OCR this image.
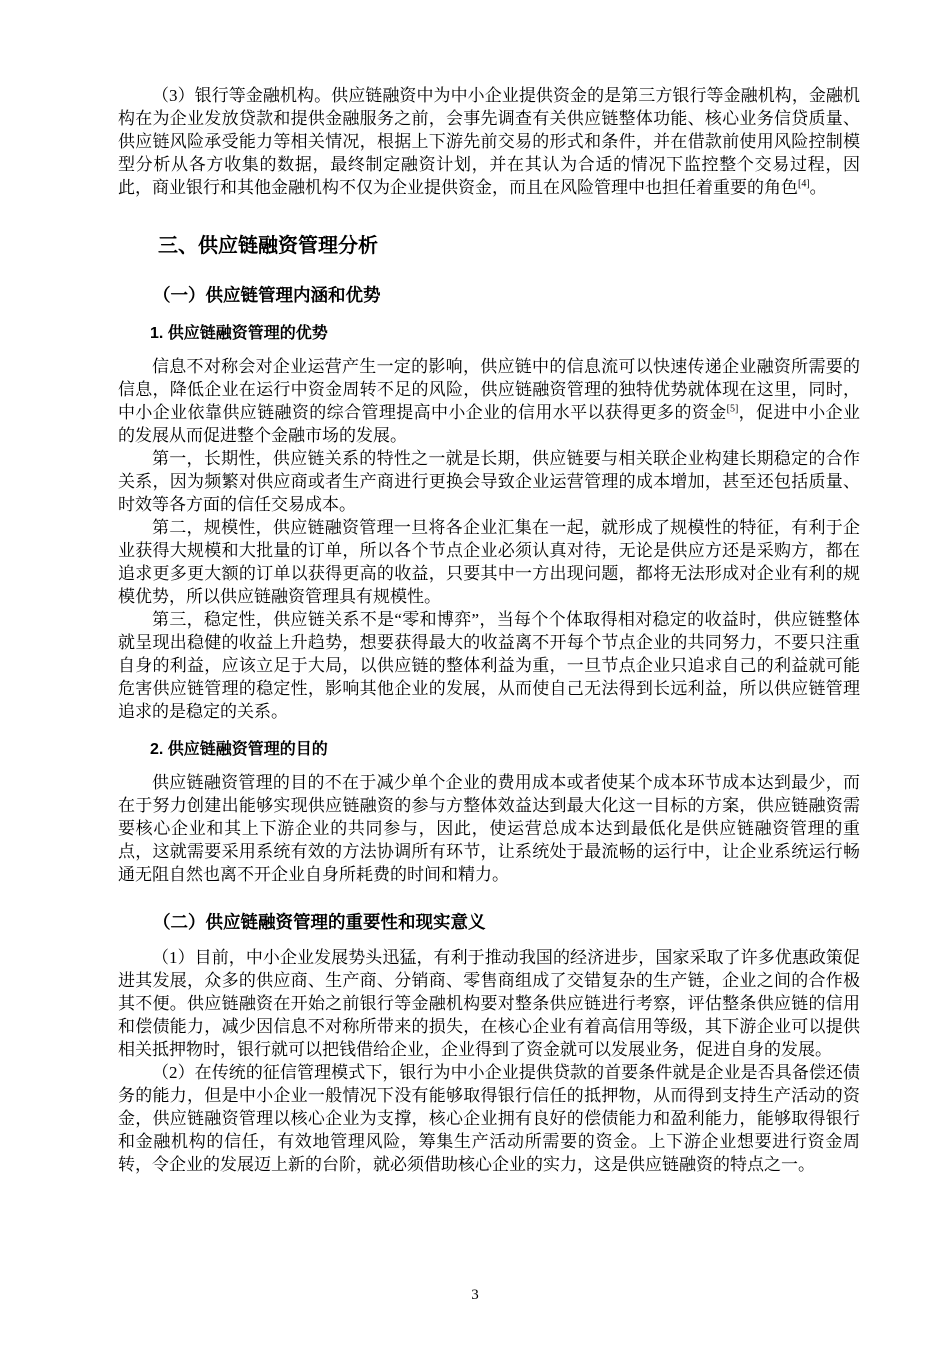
（3）银行等金融机构。供应链融资中为中小企业提供资金的是第三方银行等金融机构，金融机构在为企业发放贷款和提供金融服务之前，会事先调查有关供应链整体功能、核心业务信贷质量、供应链风险承受能力等相关情况，根据上下游先前交易的形式和条件，并在借款前使用风险控制模型分析从各方收集的数据，最终制定融资计划，并在其认为合适的情况下监控整个交易过程，因此，商业银行和其他金融机构不仅为企业提供资金，而且在风险管理中也担任着重要的角色[4]。

三、供应链融资管理分析
（一）供应链管理内涵和优势
1. 供应链融资管理的优势

信息不对称会对企业运营产生一定的影响，供应链中的信息流可以快速传递企业融资所需要的信息，降低企业在运行中资金周转不足的风险，供应链融资管理的独特优势就体现在这里，同时，中小企业依靠供应链融资的综合管理提高中小企业的信用水平以获得更多的资金[5]，促进中小企业的发展从而促进整个金融市场的发展。

第一，长期性，供应链关系的特性之一就是长期，供应链要与相关联企业构建长期稳定的合作关系，因为频繁对供应商或者生产商进行更换会导致企业运营管理的成本增加，甚至还包括质量、时效等各方面的信任交易成本。

第二，规模性，供应链融资管理一旦将各企业汇集在一起，就形成了规模性的特征，有利于企业获得大规模和大批量的订单，所以各个节点企业必须认真对待，无论是供应方还是采购方，都在追求更多更大额的订单以获得更高的收益，只要其中一方出现问题，都将无法形成对企业有利的规模优势，所以供应链融资管理具有规模性。

第三，稳定性，供应链关系不是“零和博弈”，当每个个体取得相对稳定的收益时，供应链整体就呈现出稳健的收益上升趋势，想要获得最大的收益离不开每个节点企业的共同努力，不要只注重自身的利益，应该立足于大局，以供应链的整体利益为重，一旦节点企业只追求自己的利益就可能危害供应链管理的稳定性，影响其他企业的发展，从而使自己无法得到长远利益，所以供应链管理追求的是稳定的关系。

2. 供应链融资管理的目的

供应链融资管理的目的不在于减少单个企业的费用成本或者使某个成本环节成本达到最少，而在于努力创建出能够实现供应链融资的参与方整体效益达到最大化这一目标的方案，供应链融资需要核心企业和其上下游企业的共同参与，因此，使运营总成本达到最低化是供应链融资管理的重点，这就需要采用系统有效的方法协调所有环节，让系统处于最流畅的运行中，让企业系统运行畅通无阻自然也离不开企业自身所耗费的时间和精力。

（二）供应链融资管理的重要性和现实意义

（1）目前，中小企业发展势头迅猛，有利于推动我国的经济进步，国家采取了许多优惠政策促进其发展，众多的供应商、生产商、分销商、零售商组成了交错复杂的生产链，企业之间的合作极其不便。供应链融资在开始之前银行等金融机构要对整条供应链进行考察，评估整条供应链的信用和偿债能力，减少因信息不对称所带来的损失，在核心企业有着高信用等级，其下游企业可以提供相关抵押物时，银行就可以把钱借给企业，企业得到了资金就可以发展业务，促进自身的发展。

（2）在传统的征信管理模式下，银行为中小企业提供贷款的首要条件就是企业是否具备偿还债务的能力，但是中小企业一般情况下没有能够取得银行信任的抵押物，从而得到支持生产活动的资金，供应链融资管理以核心企业为支撑，核心企业拥有良好的偿债能力和盈利能力，能够取得银行和金融机构的信任，有效地管理风险，筹集生产活动所需要的资金。上下游企业想要进行资金周转，令企业的发展迈上新的台阶，就必须借助核心企业的实力，这是供应链融资的特点之一。

3
